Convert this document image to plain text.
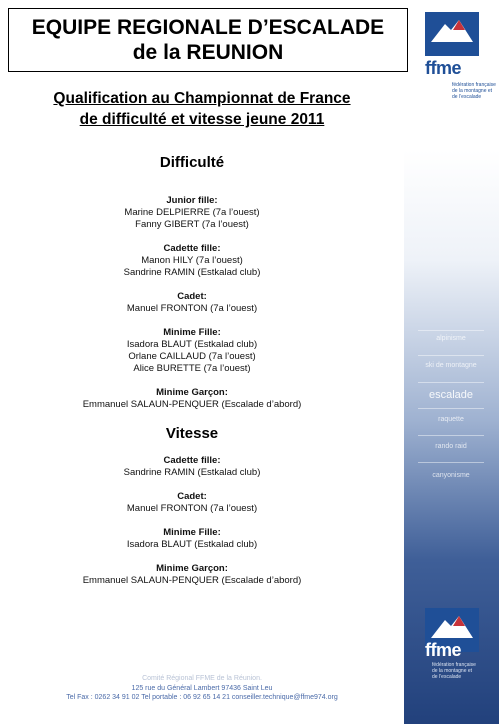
ffme
fédération française de la montagne et de l’escalade
alpinisme
ski de montagne
escalade
raquette
rando raid
canyonisme
ffme
fédération française de la montagne et de l’escalade
EQUIPE REGIONALE D’ESCALADE
de la REUNION
Qualification au Championnat de France
de difficulté et vitesse jeune 2011
Difficulté
Junior fille:
Marine DELPIERRE (7a l’ouest)
Fanny GIBERT (7a l’ouest)
Cadette fille:
Manon HILY (7a l’ouest)
Sandrine RAMIN (Estkalad club)
Cadet:
Manuel FRONTON (7a l’ouest)
Minime Fille:
Isadora BLAUT (Estkalad club)
Orlane CAILLAUD (7a l’ouest)
Alice BURETTE (7a l’ouest)
Minime Garçon:
Emmanuel SALAUN-PENQUER (Escalade d’abord)
Vitesse
Cadette fille:
Sandrine RAMIN (Estkalad club)
Cadet:
Manuel FRONTON (7a l’ouest)
Minime Fille:
Isadora BLAUT (Estkalad club)
Minime Garçon:
Emmanuel SALAUN-PENQUER (Escalade d’abord)
Comité Régional FFME de la Réunion.
125 rue du Général Lambert 97436 Saint Leu
Tel Fax : 0262 34 91 02 Tel portable : 06 92 65 14 21 conseiller.technique@ffme974.org
